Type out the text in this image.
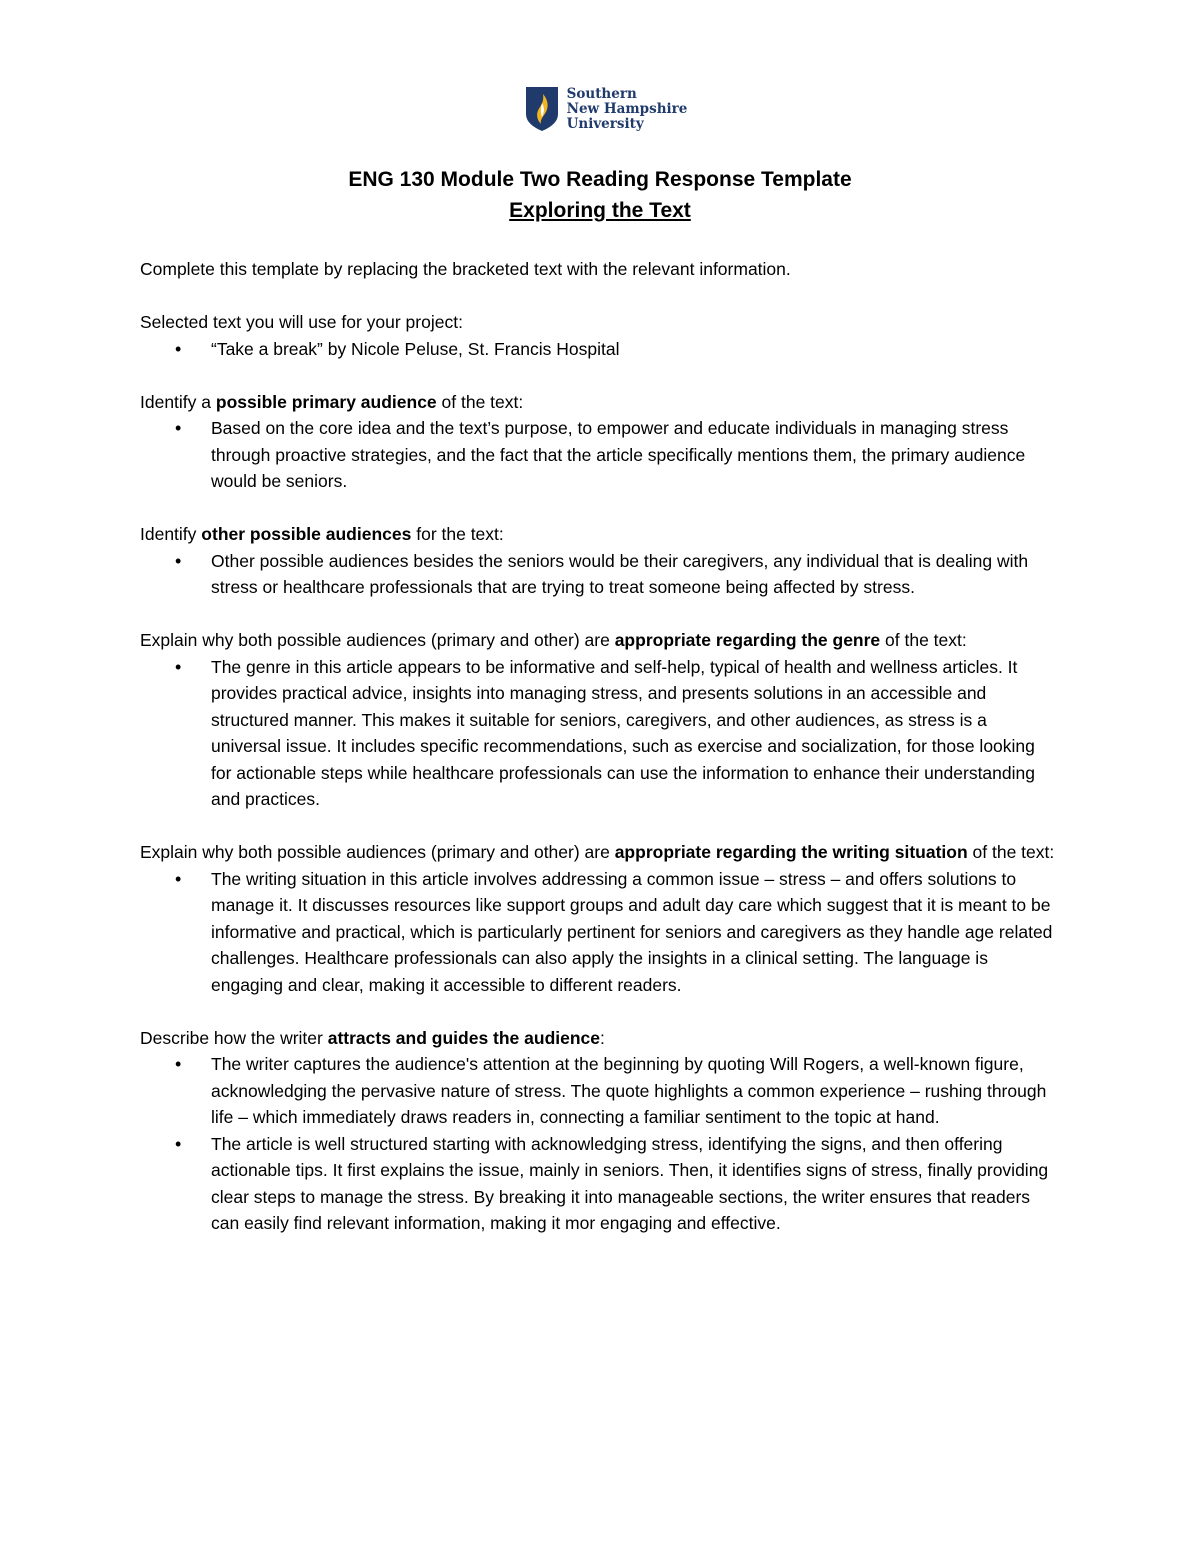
Southern
New Hampshire
University
ENG 130 Module Two Reading Response Template
Exploring the Text

Complete this template by replacing the bracketed text with the relevant information.

Selected text you will use for your project:
• “Take a break” by Nicole Peluse, St. Francis Hospital
Identify a possible primary audience of the text:
• Based on the core idea and the text’s purpose, to empower and educate individuals in managing stress through proactive strategies, and the fact that the article specifically mentions them, the primary audience would be seniors.
Identify other possible audiences for the text:
• Other possible audiences besides the seniors would be their caregivers, any individual that is dealing with stress or healthcare professionals that are trying to treat someone being affected by stress.
Explain why both possible audiences (primary and other) are appropriate regarding the genre of the text:
• The genre in this article appears to be informative and self-help, typical of health and wellness articles. It provides practical advice, insights into managing stress, and presents solutions in an accessible and structured manner. This makes it suitable for seniors, caregivers, and other audiences, as stress is a universal issue. It includes specific recommendations, such as exercise and socialization, for those looking for actionable steps while healthcare professionals can use the information to enhance their understanding and practices.
Explain why both possible audiences (primary and other) are appropriate regarding the writing situation of the text:
• The writing situation in this article involves addressing a common issue – stress – and offers solutions to manage it. It discusses resources like support groups and adult day care which suggest that it is meant to be informative and practical, which is particularly pertinent for seniors and caregivers as they handle age related challenges. Healthcare professionals can also apply the insights in a clinical setting. The language is engaging and clear, making it accessible to different readers.
Describe how the writer attracts and guides the audience:
• The writer captures the audience's attention at the beginning by quoting Will Rogers, a well-known figure, acknowledging the pervasive nature of stress. The quote highlights a common experience – rushing through life – which immediately draws readers in, connecting a familiar sentiment to the topic at hand.
• The article is well structured starting with acknowledging stress, identifying the signs, and then offering actionable tips. It first explains the issue, mainly in seniors. Then, it identifies signs of stress, finally providing clear steps to manage the stress. By breaking it into manageable sections, the writer ensures that readers can easily find relevant information, making it mor engaging and effective.
